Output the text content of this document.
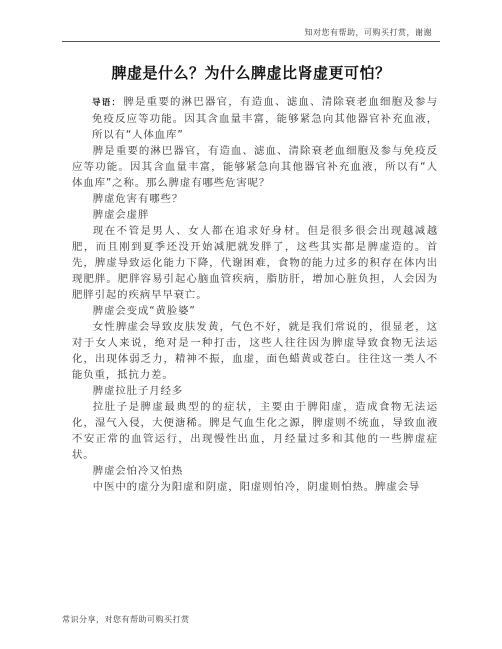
知对您有帮助，可购买打赏，谢谢
脾虚是什么？为什么脾虚比肾虚更可怕？

导语： 脾是重要的淋巴器官，有造血、滤血、清除衰老血细胞及参与免疫反应等功能。因其含血量丰富，能够紧急向其他器官补充血液，所以有“人体血库”

脾是重要的淋巴器官，有造血、滤血、清除衰老血细胞及参与免疫反应等功能。因其含血量丰富，能够紧急向其他器官补充血液，所以有“人体血库”之称。那么脾虚有哪些危害呢？

脾虚危害有哪些？

脾虚会虚胖

现在不管是男人、女人都在追求好身材。但是很多很会出现越减越肥，而且刚到夏季还没开始减肥就发胖了，这些其实都是脾虚造的。首先，脾虚导致运化能力下降，代谢困难，食物的能力过多的积存在体内出现肥胖。肥胖容易引起心脑血管疾病，脂肪肝，增加心脏负担，人会因为肥胖引起的疾病早早衰亡。

脾虚会变成“黄脸婆”

女性脾虚会导致皮肤发黄，气色不好，就是我们常说的，很显老，这对于女人来说，绝对是一种打击，这些人往往因为脾虚导致食物无法运化，出现体弱乏力，精神不振，血虚，面色蜡黄或苍白。往往这一类人不能负重，抵抗力差。

脾虚拉肚子月经多

拉肚子是脾虚最典型的的症状，主要由于脾阳虚，造成食物无法运化，湿气入侵，大便溏稀。脾是气血生化之源，脾虚则不统血，导致血液不安正常的血管运行，出现慢性出血，月经量过多和其他的一些脾虚症状。

脾虚会怕冷又怕热

中医中的虚分为阳虚和阴虚，阳虚则怕冷，阴虚则怕热。脾虚会导

常识分享，对您有帮助可购买打赏
